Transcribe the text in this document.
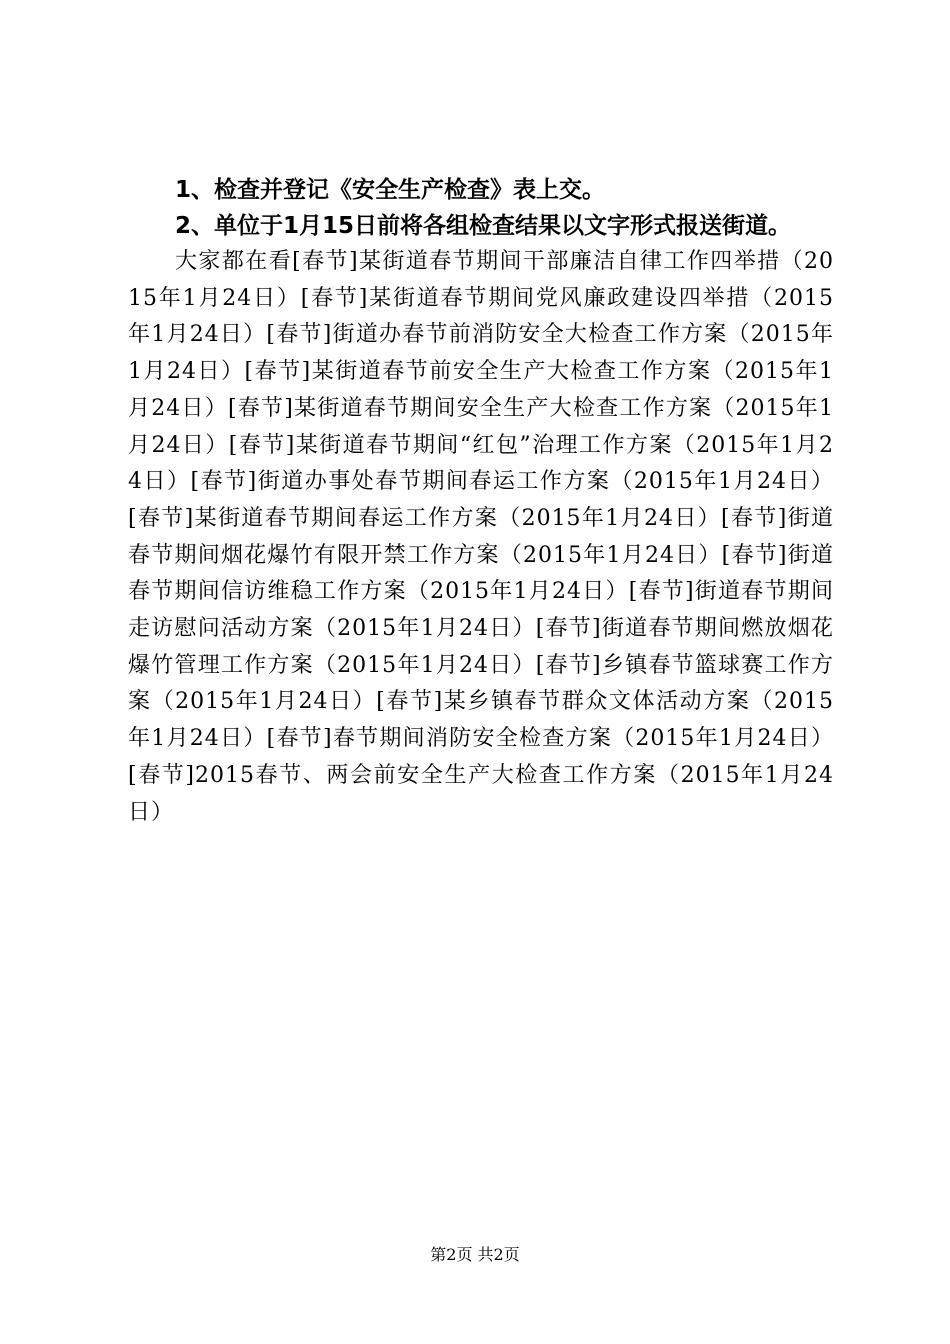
1、检查并登记《安全生产检查》表上交。

2、单位于1月15日前将各组检查结果以文字形式报送街道。

大家都在看[春节]某街道春节期间干部廉洁自律工作四举措（2015年1月24日）[春节]某街道春节期间党风廉政建设四举措（2015年1月24日）[春节]街道办春节前消防安全大检查工作方案（2015年1月24日）[春节]某街道春节前安全生产大检查工作方案（2015年1月24日）[春节]某街道春节期间安全生产大检查工作方案（2015年1月24日）[春节]某街道春节期间“红包”治理工作方案（2015年1月24日）[春节]街道办事处春节期间春运工作方案（2015年1月24日）[春节]某街道春节期间春运工作方案（2015年1月24日）[春节]街道春节期间烟花爆竹有限开禁工作方案（2015年1月24日）[春节]街道春节期间信访维稳工作方案（2015年1月24日）[春节]街道春节期间走访慰问活动方案（2015年1月24日）[春节]街道春节期间燃放烟花爆竹管理工作方案（2015年1月24日）[春节]乡镇春节篮球赛工作方案（2015年1月24日）[春节]某乡镇春节群众文体活动方案（2015年1月24日）[春节]春节期间消防安全检查方案（2015年1月24日）[春节]2015春节、两会前安全生产大检查工作方案（2015年1月24日）

第2页 共2页
